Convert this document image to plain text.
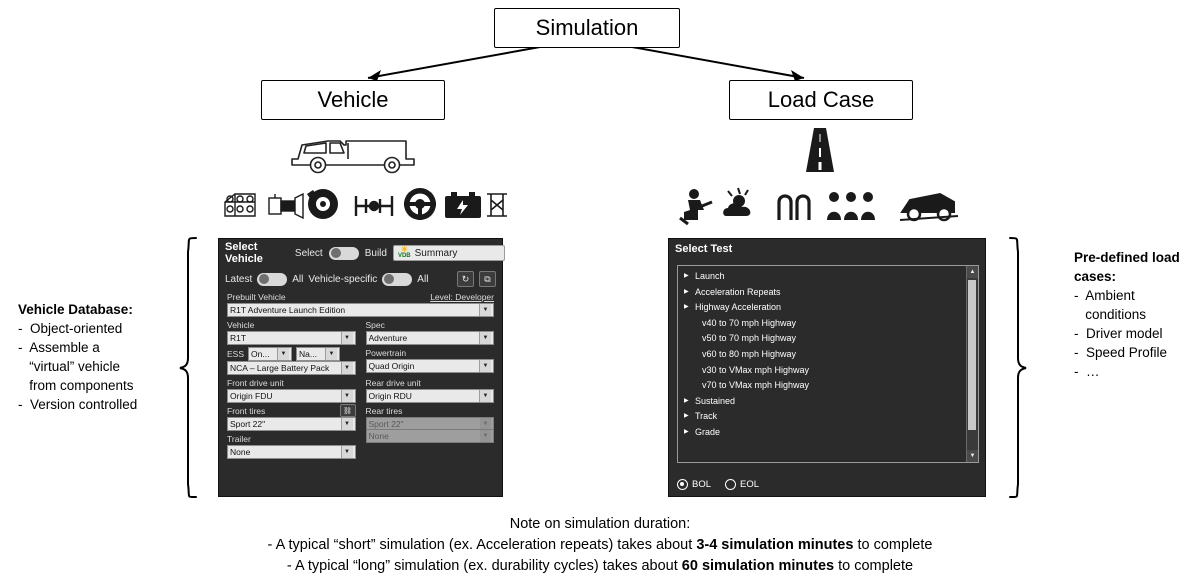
Simulation
Vehicle	Load Case
Select Vehicle	Select	Build	☀
VDB Summary
Latest	All Vehicle-specific	All	↻	⧉
Prebuilt Vehicle	Level: Developer
R1T Adventure Launch Edition	▼
Vehicle
R1T	▼
Spec
Adventure	▼
ESS On...	▼ Na...	▼
NCA – Large Battery Pack	▼
Powertrain
Quad Origin	▼
Front drive unit
Origin FDU	▼
Rear drive unit
Origin RDU	▼
Front tires	⛓
Sport 22"	▼
Rear tires
Sport 22"	▼
Trailer
None	▼

None	▼
Select Test
▶ Launch
▶ Acceleration Repeats
▶ Highway Acceleration
v40 to 70 mph Highway
v50 to 70 mph Highway
v60 to 80 mph Highway
v30 to VMax mph Highway
v70 to VMax mph Highway
▶ Sustained
▶ Track
▶ Grade
▲
▼
BOL	EOL
Vehicle Database:
-  Object-oriented
-  Assemble a
“virtual” vehicle
from components
-  Version controlled
Pre-defined load
cases:
-  Ambient
conditions
-  Driver model
-  Speed Profile
-  …
Note on simulation duration:
- A typical “short” simulation (ex. Acceleration repeats) takes about 3-4 simulation minutes to complete
- A typical “long” simulation (ex. durability cycles) takes about 60 simulation minutes to complete
